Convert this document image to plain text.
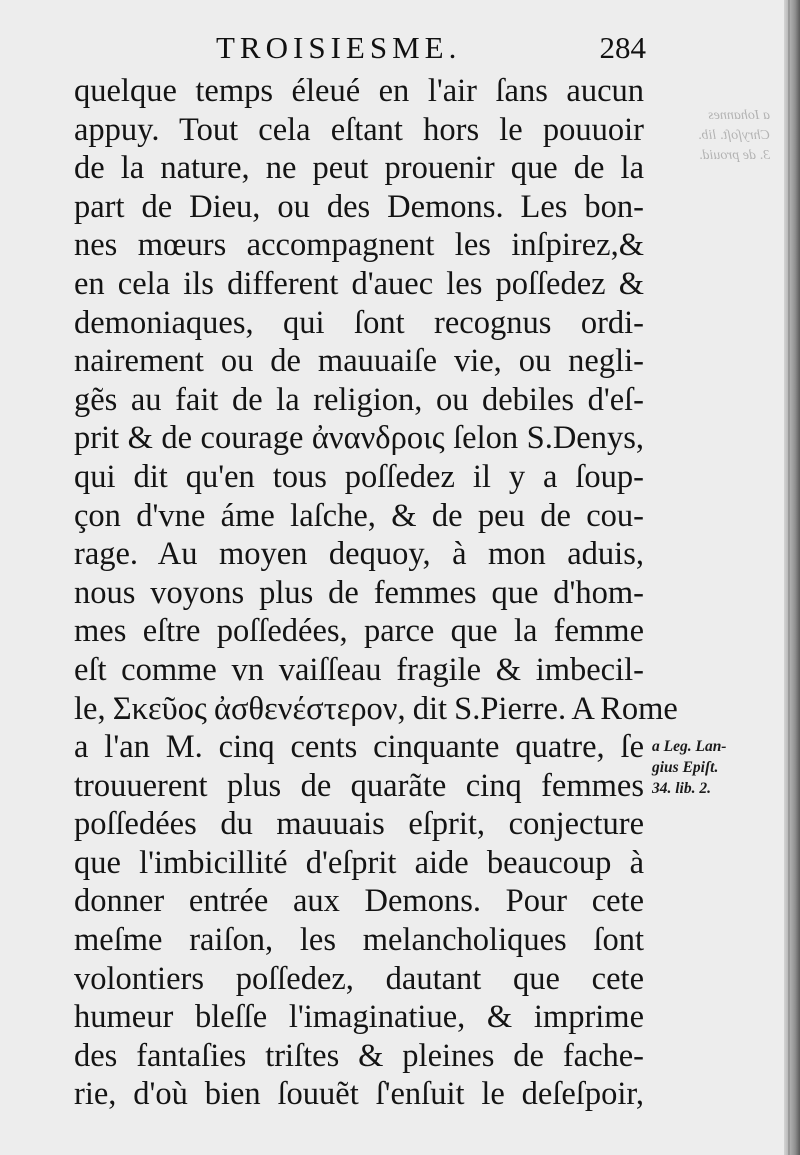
TROISIESME.	284
quelque temps éleué en l'air ſans aucun
appuy. Tout cela eſtant hors le pouuoir
de la nature, ne peut prouenir que de la
part de Dieu, ou des Demons. Les bon-
nes mœurs accompagnent les inſpirez,&
en cela ils different d'auec les poſſedez &
demoniaques, qui ſont recognus ordi-
nairement ou de mauuaiſe vie, ou negli-
gẽs au fait de la religion, ou debiles d'eſ-
prit & de courage ἀνανδροις ſelon S.Denys,
qui dit qu'en tous poſſedez il y a ſoup-
çon d'vne áme laſche, & de peu de cou-
rage. Au moyen dequoy, à mon aduis,
nous voyons plus de femmes que d'hom-
mes eſtre poſſedées, parce que la femme
eſt comme vn vaiſſeau fragile & imbecil-
le, Σκεῦος ἀσθενέστερον, dit S.Pierre. A Rome
a l'an M. cinq cents cinquante quatre, ſe
trouuerent plus de quarãte cinq femmes
poſſedées du mauuais eſprit, conjecture
que l'imbicillité d'eſprit aide beaucoup à
donner entrée aux Demons. Pour cete
meſme raiſon, les melancholiques ſont
volontiers poſſedez, dautant que cete
humeur bleſſe l'imaginatiue, & imprime
des fantaſies triſtes & pleines de fache-
rie, d'où bien ſouuẽt ſ'enſuit le deſeſpoir,
a Leg. Lan-
gius Epiſt.
34. lib. 2.
a Iohannes
Chryſoſt. lib.
3. de prouid.
